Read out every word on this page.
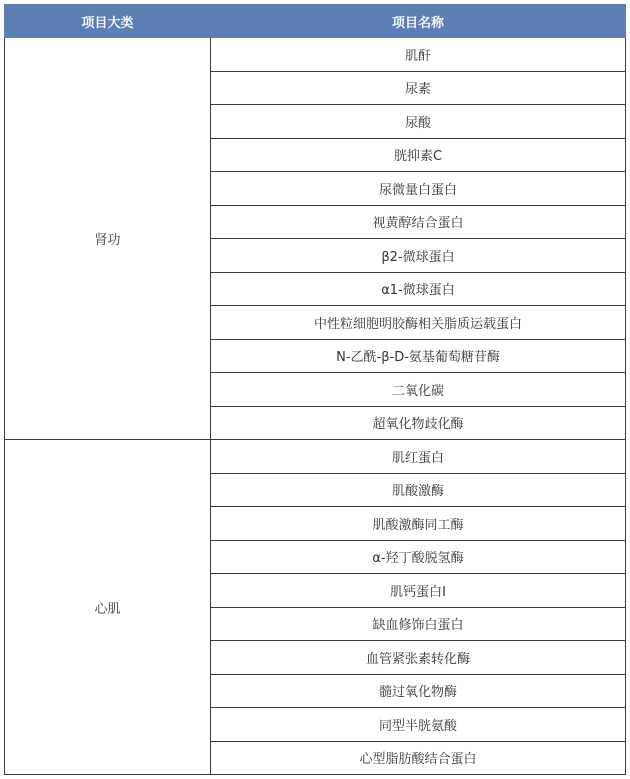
项目大类	项目名称
肾功	肌酐
	尿素
	尿酸
	胱抑素C
	尿微量白蛋白
	视黄醇结合蛋白
	β2-微球蛋白
	α1-微球蛋白
	中性粒细胞明胶酶相关脂质运载蛋白
	N-乙酰-β-D-氨基葡萄糖苷酶
	二氧化碳
	超氧化物歧化酶
心肌	肌红蛋白
	肌酸激酶
	肌酸激酶同工酶
	α-羟丁酸脱氢酶
	肌钙蛋白I
	缺血修饰白蛋白
	血管紧张素转化酶
	髓过氧化物酶
	同型半胱氨酸
	心型脂肪酸结合蛋白
